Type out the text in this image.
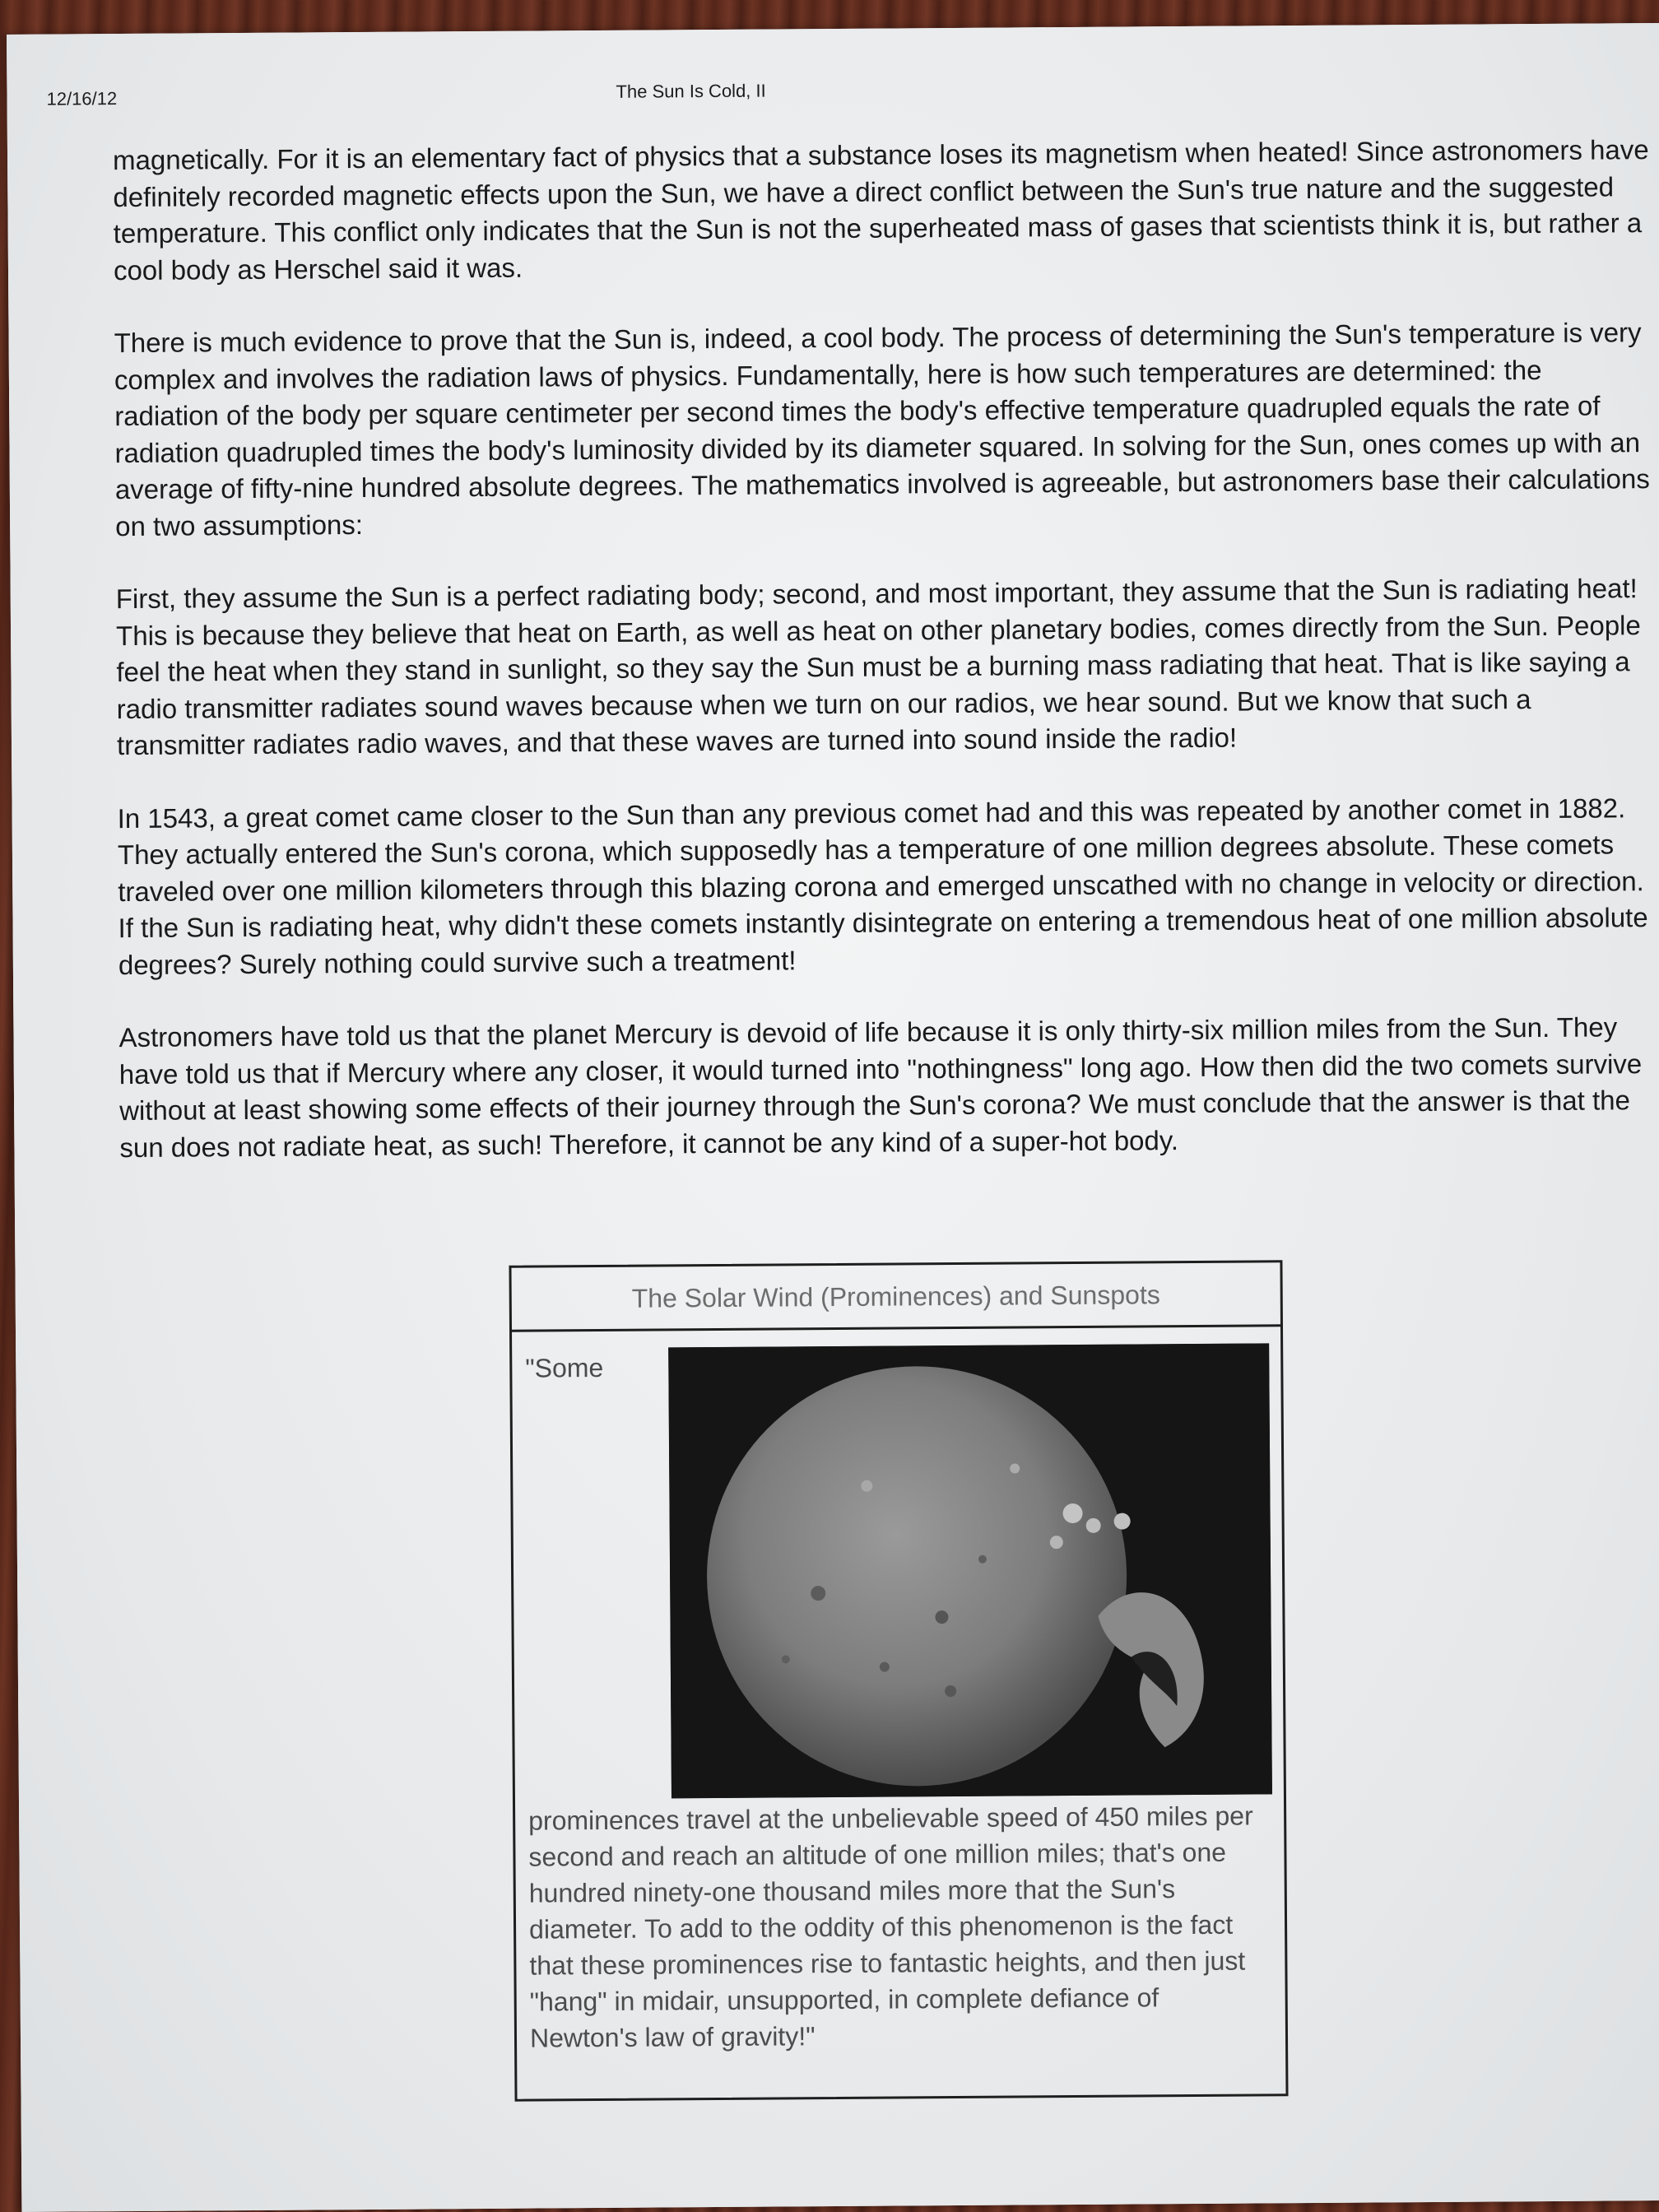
12/16/12	The Sun Is Cold, II

magnetically. For it is an elementary fact of physics that a substance loses its magnetism when heated! Since astronomers have definitely recorded magnetic effects upon the Sun, we have a direct conflict between the Sun's true nature and the suggested temperature. This conflict only indicates that the Sun is not the superheated mass of gases that scientists think it is, but rather a cool body as Herschel said it was.

There is much evidence to prove that the Sun is, indeed, a cool body. The process of determining the Sun's temperature is very complex and involves the radiation laws of physics. Fundamentally, here is how such temperatures are determined: the radiation of the body per square centimeter per second times the body's effective temperature quadrupled equals the rate of radiation quadrupled times the body's luminosity divided by its diameter squared. In solving for the Sun, ones comes up with an average of fifty-nine hundred absolute degrees. The mathematics involved is agreeable, but astronomers base their calculations on two assumptions:

First, they assume the Sun is a perfect radiating body; second, and most important, they assume that the Sun is radiating heat! This is because they believe that heat on Earth, as well as heat on other planetary bodies, comes directly from the Sun. People feel the heat when they stand in sunlight, so they say the Sun must be a burning mass radiating that heat. That is like saying a radio transmitter radiates sound waves because when we turn on our radios, we hear sound. But we know that such a transmitter radiates radio waves, and that these waves are turned into sound inside the radio!

In 1543, a great comet came closer to the Sun than any previous comet had and this was repeated by another comet in 1882. They actually entered the Sun's corona, which supposedly has a temperature of one million degrees absolute. These comets traveled over one million kilometers through this blazing corona and emerged unscathed with no change in velocity or direction. If the Sun is radiating heat, why didn't these comets instantly disintegrate on entering a tremendous heat of one million absolute degrees? Surely nothing could survive such a treatment!

Astronomers have told us that the planet Mercury is devoid of life because it is only thirty-six million miles from the Sun. They have told us that if Mercury where any closer, it would turned into "nothingness" long ago. How then did the two comets survive without at least showing some effects of their journey through the Sun's corona? We must conclude that the answer is that the sun does not radiate heat, as such! Therefore, it cannot be any kind of a super-hot body.

The Solar Wind (Prominences) and Sunspots
"Some
prominences travel at the unbelievable speed of 450 miles per second and reach an altitude of one million miles; that's one hundred ninety-one thousand miles more that the Sun's diameter. To add to the oddity of this phenomenon is the fact that these prominences rise to fantastic heights, and then just "hang" in midair, unsupported, in complete defiance of Newton's law of gravity!"
